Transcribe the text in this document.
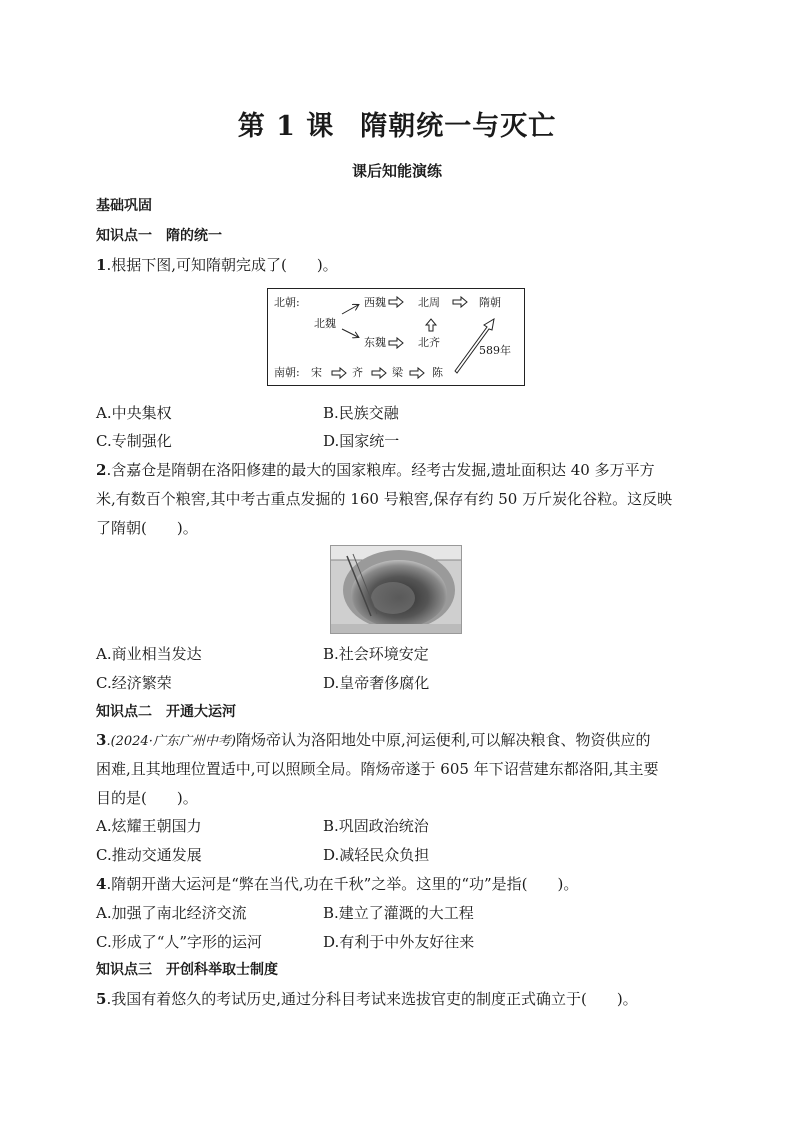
第 1 课 隋朝统一与灭亡
课后知能演练
基础巩固
知识点一 隋的统一
1.根据下图,可知隋朝完成了(　　)。
北朝:
北魏
西魏
东魏
北周
北齐
隋朝
南朝: 宋	齐	梁	陈
589年
A.中央集权	B.民族交融
C.专制强化	D.国家统一
2.含嘉仓是隋朝在洛阳修建的最大的国家粮库。经考古发掘,遗址面积达 40 多万平方
米,有数百个粮窖,其中考古重点发掘的 160 号粮窖,保存有约 50 万斤炭化谷粒。这反映
了隋朝(　　)。
A.商业相当发达	B.社会环境安定
C.经济繁荣	D.皇帝奢侈腐化
知识点二 开通大运河
3.(2024·广东广州中考)隋炀帝认为洛阳地处中原,河运便利,可以解决粮食、物资供应的
困难,且其地理位置适中,可以照顾全局。隋炀帝遂于 605 年下诏营建东都洛阳,其主要
目的是(　　)。
A.炫耀王朝国力	B.巩固政治统治
C.推动交通发展	D.减轻民众负担
4.隋朝开凿大运河是“弊在当代,功在千秋”之举。这里的“功”是指(　　)。
A.加强了南北经济交流	B.建立了灌溉的大工程
C.形成了“人”字形的运河	D.有利于中外友好往来
知识点三 开创科举取士制度
5.我国有着悠久的考试历史,通过分科目考试来选拔官吏的制度正式确立于(　　)。
